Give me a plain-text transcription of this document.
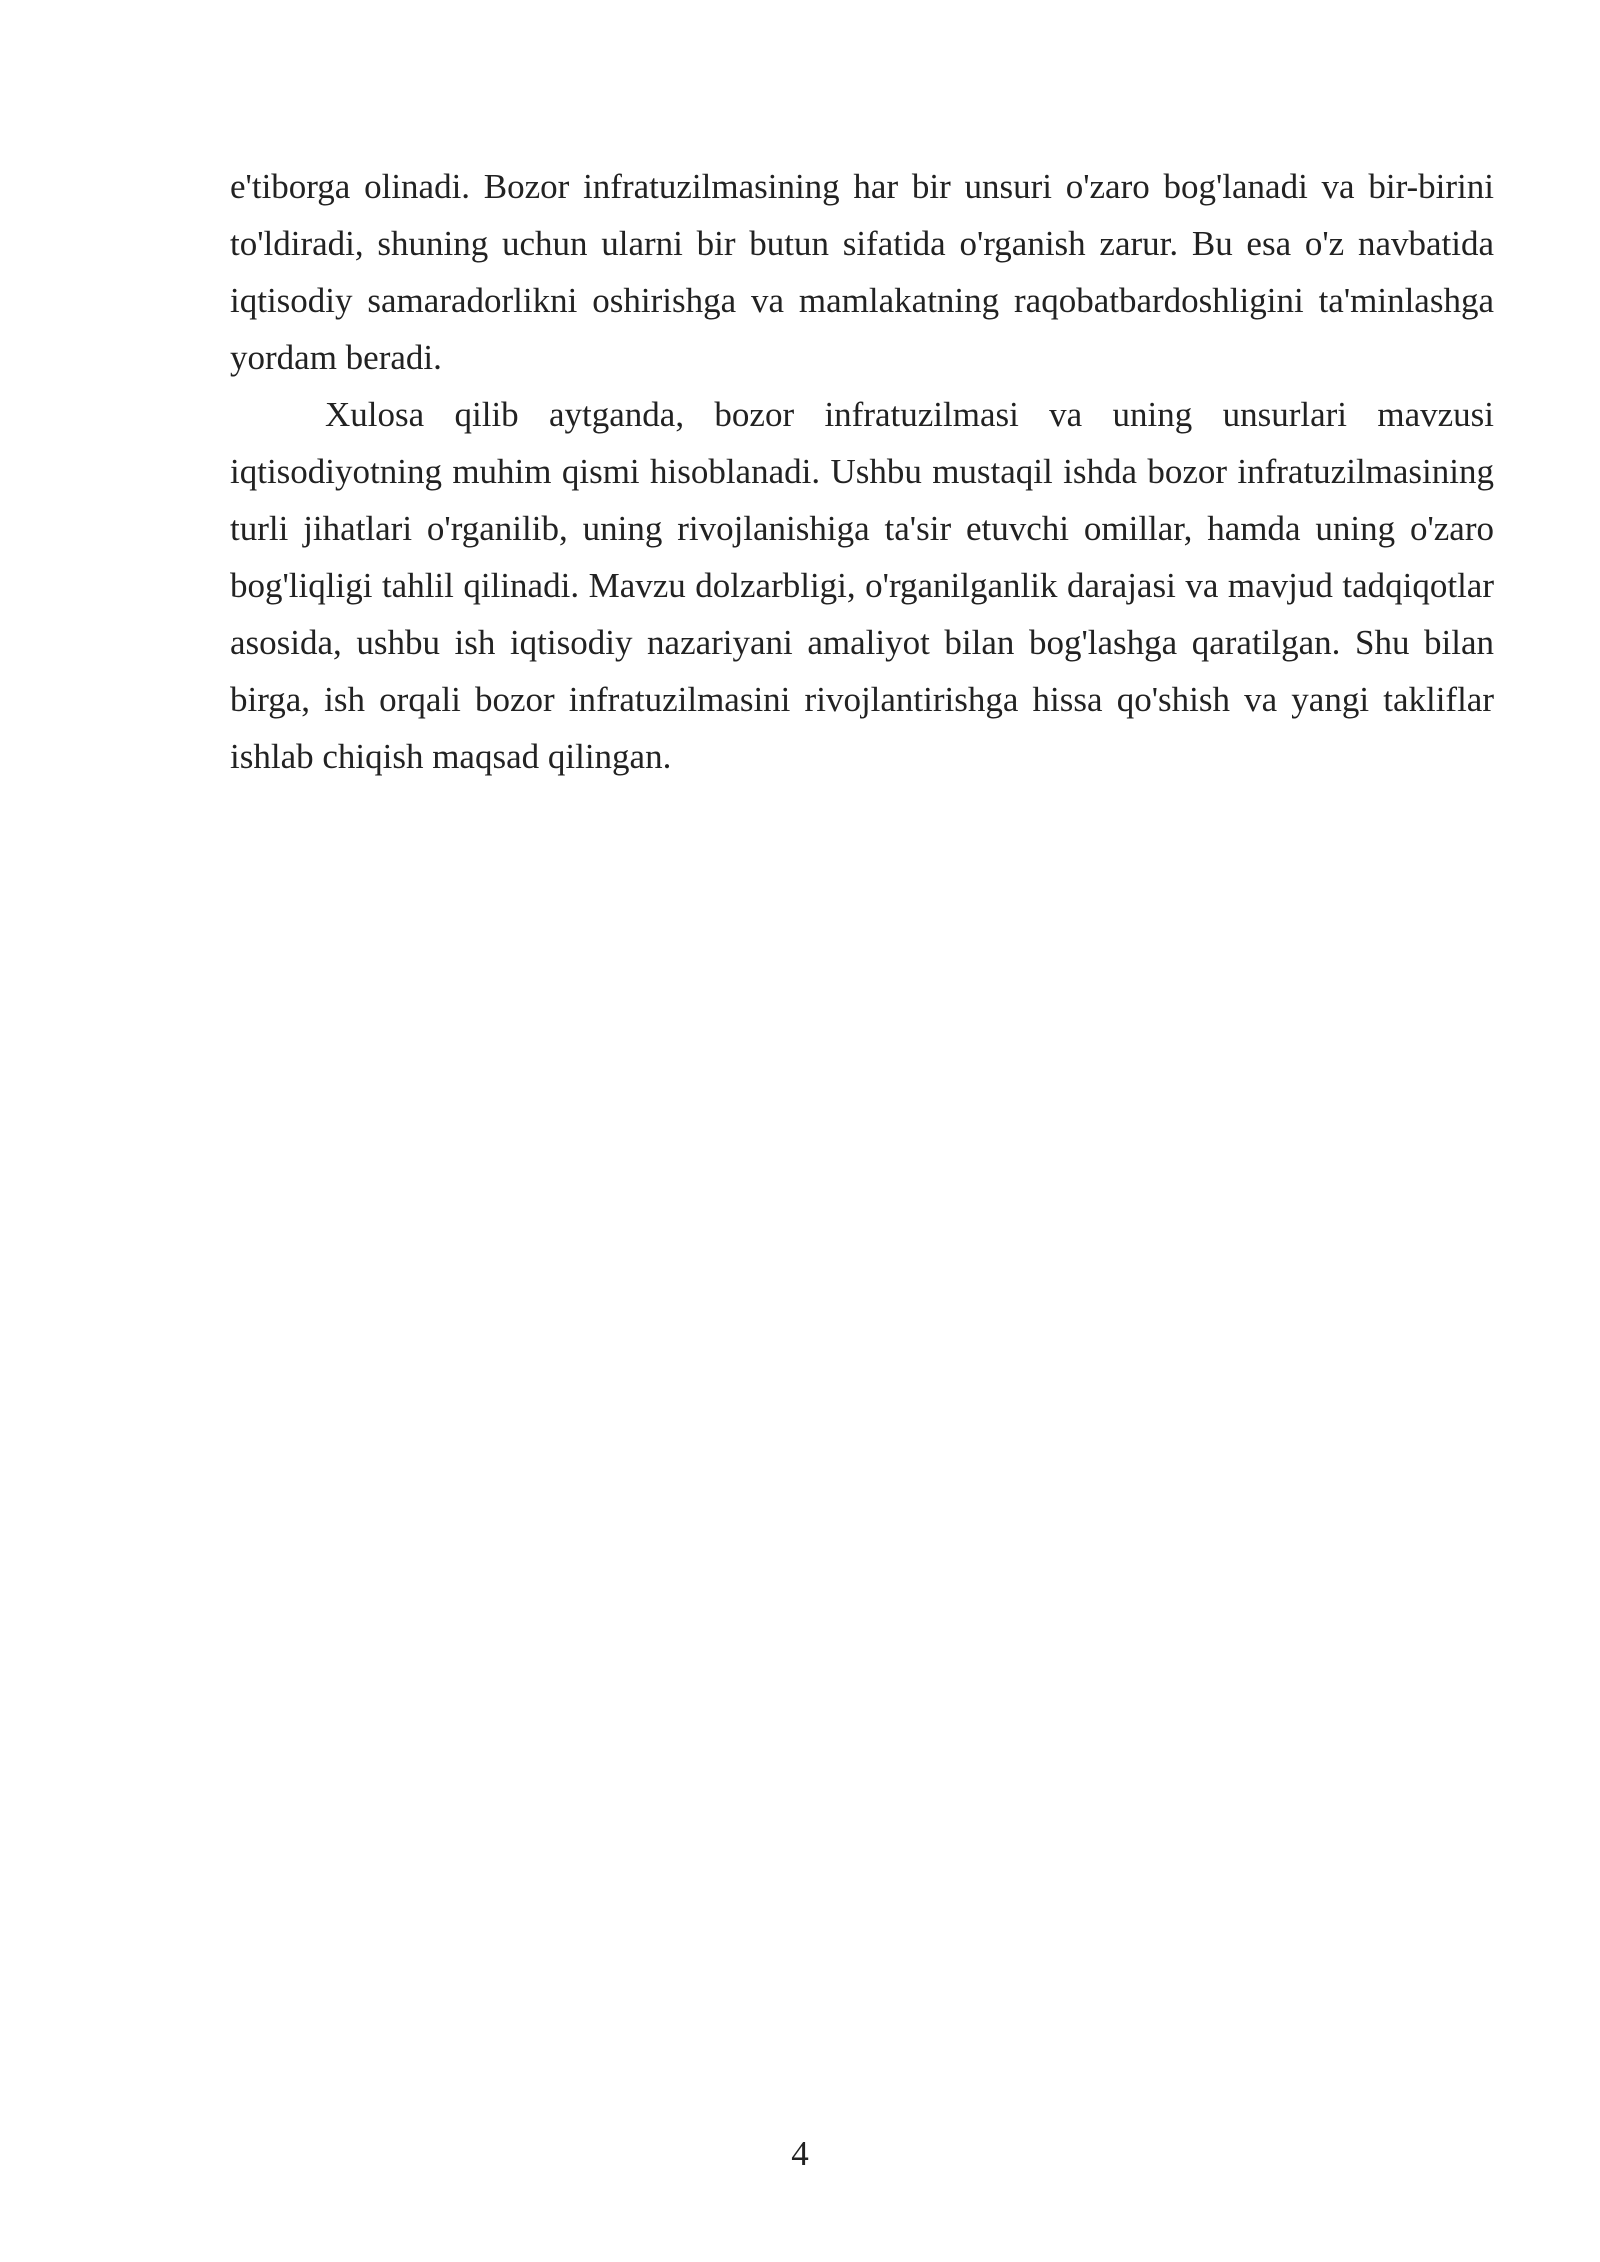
e'tiborga olinadi. Bozor infratuzilmasining har bir unsuri o'zaro bog'lanadi va bir-birini to'ldiradi, shuning uchun ularni bir butun sifatida o'rganish zarur. Bu esa o'z navbatida iqtisodiy samaradorlikni oshirishga va mamlakatning raqobatbardoshligini ta'minlashga yordam beradi.

Xulosa qilib aytganda, bozor infratuzilmasi va uning unsurlari mavzusi iqtisodiyotning muhim qismi hisoblanadi. Ushbu mustaqil ishda bozor infratuzilmasining turli jihatlari o'rganilib, uning rivojlanishiga ta'sir etuvchi omillar, hamda uning o'zaro bog'liqligi tahlil qilinadi. Mavzu dolzarbligi, o'rganilganlik darajasi va mavjud tadqiqotlar asosida, ushbu ish iqtisodiy nazariyani amaliyot bilan bog'lashga qaratilgan. Shu bilan birga, ish orqali bozor infratuzilmasini rivojlantirishga hissa qo'shish va yangi takliflar ishlab chiqish maqsad qilingan.

4
